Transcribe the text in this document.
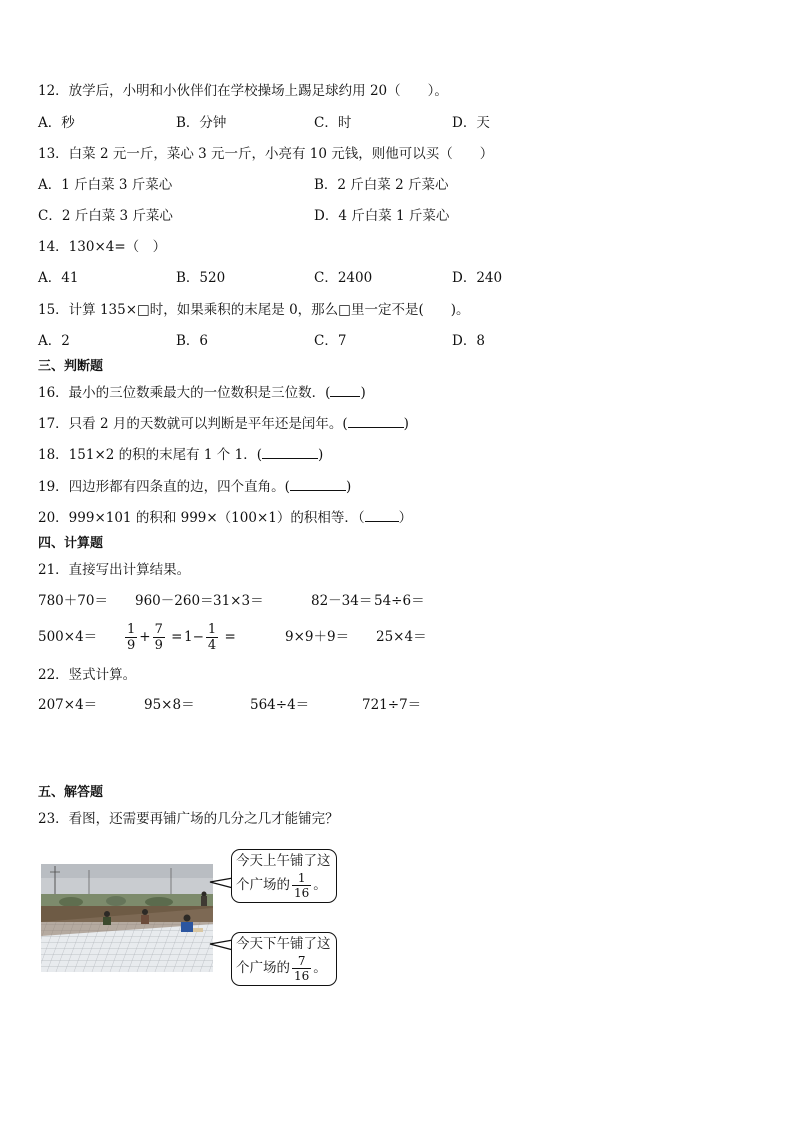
12．放学后，小明和小伙伴们在学校操场上踢足球约用 20（　　）。
A．秒	B．分钟	C．时	D．天
13．白菜 2 元一斤，菜心 3 元一斤，小亮有 10 元钱，则他可以买（　　）
A．1 斤白菜 3 斤菜心	B．2 斤白菜 2 斤菜心
C．2 斤白菜 3 斤菜心	D．4 斤白菜 1 斤菜心
14．130×4=（　）
A．41	B．520	C．2400	D．240
15．计算 135×□时，如果乘积的末尾是 0，那么□里一定不是(　　)。
A．2	B．6	C．7	D．8
三、判断题
16．最小的三位数乘最大的一位数积是三位数．( )
17．只看 2 月的天数就可以判断是平年还是闰年。(	)
18．151×2 的积的末尾有 1 个 1．(	)
19．四边形都有四条直的边，四个直角。(	)
20．999×101 的积和 999×（100×1）的积相等．（	）
四、计算题
21．直接写出计算结果。
780＋70＝ 960－260＝ 31×3＝	82－34＝ 54÷6＝
$500\times 4= \frac{1}{9} + \frac{7}{9} = 1- \frac{1}{4}$ =	9×9＋9＝ 25×4＝
22．竖式计算。
207×4＝	95×8＝	564÷4＝	721÷7＝
五、解答题
23．看图，还需要再铺广场的几分之几才能铺完？
今天上午铺了这
个广场的 $\frac{1}{16}$ 。
今天下午铺了这
个广场的 $\frac{7}{16}$ 。
